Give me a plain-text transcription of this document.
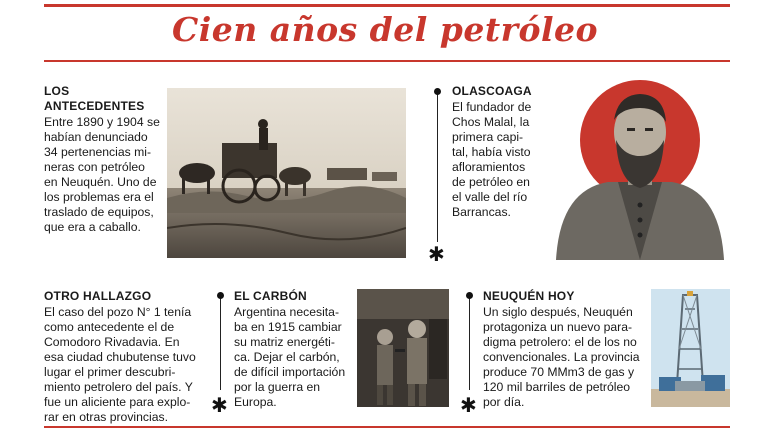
Cien años del petróleo
LOS ANTECEDENTES
Entre 1890 y 1904 se
habían denunciado
34 pertenencias mi-
neras con petróleo
en Neuquén. Uno de
los problemas era el
traslado de equipos,
que era a caballo.
✱
OLASCOAGA
El fundador de
Chos Malal, la
primera capi-
tal, había visto
afloramientos
de petróleo en
el valle del río
Barrancas.
OTRO HALLAZGO
El caso del pozo N° 1 tenía
como antecedente el de
Comodoro Rivadavia. En
esa ciudad chubutense tuvo
lugar el primer descubri-
miento petrolero del país. Y
fue un aliciente para explo-
rar en otras provincias.	✱
EL CARBÓN
Argentina necesita-
ba en 1915 cambiar
su matriz energéti-
ca. Dejar el carbón,
de difícil importación
por la guerra en
Europa.	✱
NEUQUÉN HOY
Un siglo después, Neuquén
protagoniza un nuevo para-
digma petrolero: el de los no
convencionales. La provincia
produce 70 MMm3 de gas y
120 mil barriles de petróleo
por día.
